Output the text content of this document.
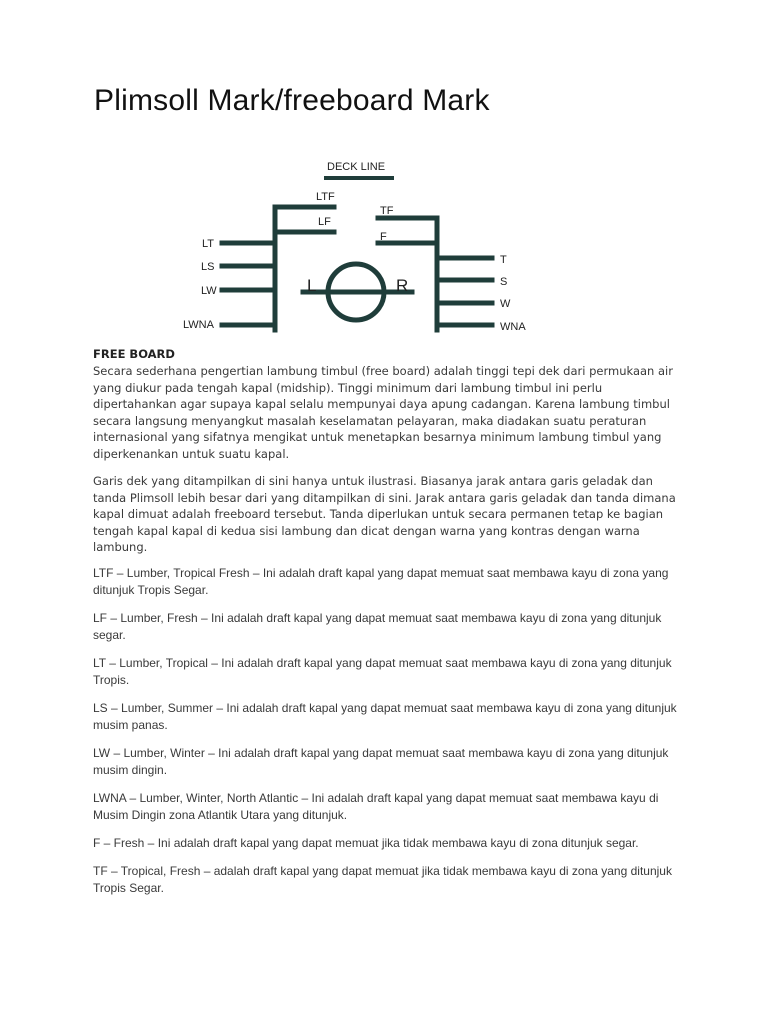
Plimsoll Mark/freeboard Mark
DECK LINE
LTF
LF
LT
LS
LW
LWNA
TF
F
T
S
W
WNA
L	R
FREE BOARD

Secara sederhana pengertian lambung timbul (free board) adalah tinggi tepi dek dari permukaan air yang diukur pada tengah kapal (midship). Tinggi minimum dari lambung timbul ini perlu dipertahankan agar supaya kapal selalu mempunyai daya apung cadangan. Karena lambung timbul secara langsung menyangkut masalah keselamatan pelayaran, maka diadakan suatu peraturan internasional yang sifatnya mengikat untuk menetapkan besarnya minimum lambung timbul yang diperkenankan untuk suatu kapal.

Garis dek yang ditampilkan di sini hanya untuk ilustrasi. Biasanya jarak antara garis geladak dan tanda Plimsoll lebih besar dari yang ditampilkan di sini. Jarak antara garis geladak dan tanda dimana kapal dimuat adalah freeboard tersebut. Tanda diperlukan untuk secara permanen tetap ke bagian tengah kapal kapal di kedua sisi lambung dan dicat dengan warna yang kontras dengan warna lambung.

LTF – Lumber, Tropical Fresh – Ini adalah draft kapal yang dapat memuat saat membawa kayu di zona yang ditunjuk Tropis Segar.
LF – Lumber, Fresh – Ini adalah draft kapal yang dapat memuat saat membawa kayu di zona yang ditunjuk segar.
LT – Lumber, Tropical – Ini adalah draft kapal yang dapat memuat saat membawa kayu di zona yang ditunjuk Tropis.
LS – Lumber, Summer – Ini adalah draft kapal yang dapat memuat saat membawa kayu di zona yang ditunjuk musim panas.
LW – Lumber, Winter – Ini adalah draft kapal yang dapat memuat saat membawa kayu di zona yang ditunjuk musim dingin.
LWNA – Lumber, Winter, North Atlantic – Ini adalah draft kapal yang dapat memuat saat membawa kayu di Musim Dingin zona Atlantik Utara yang ditunjuk.
F – Fresh – Ini adalah draft kapal yang dapat memuat jika tidak membawa kayu di zona ditunjuk segar.
TF – Tropical, Fresh – adalah draft kapal yang dapat memuat jika tidak membawa kayu di zona yang ditunjuk Tropis Segar.
